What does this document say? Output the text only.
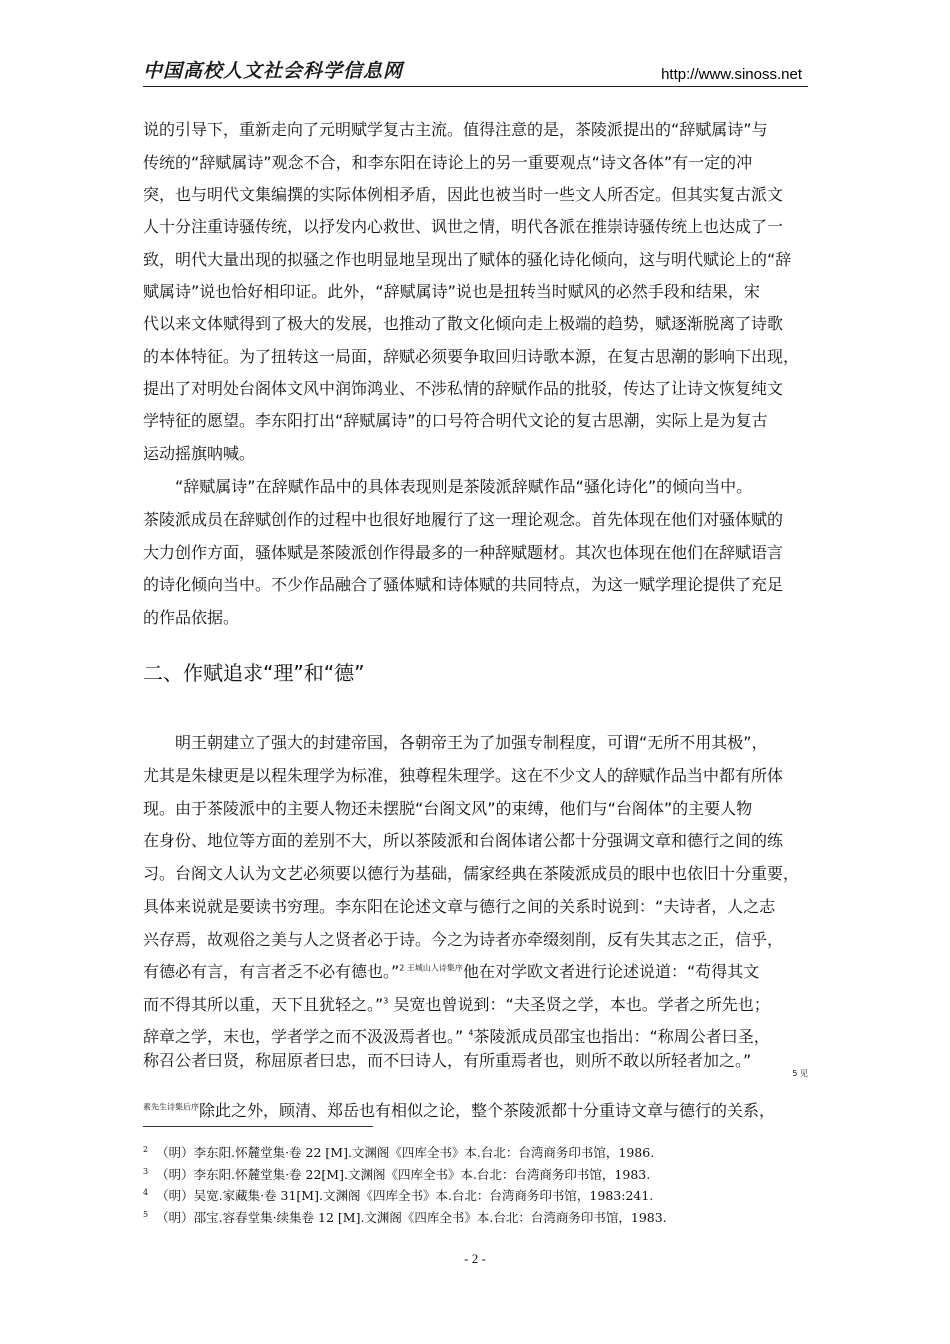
中国高校人文社会科学信息网	http://www.sinoss.net
说的引导下，重新走向了元明赋学复古主流。值得注意的是，茶陵派提出的“辞赋属诗”与
传统的“辞赋属诗”观念不合，和李东阳在诗论上的另一重要观点“诗文各体”有一定的冲
突，也与明代文集编撰的实际体例相矛盾，因此也被当时一些文人所否定。但其实复古派文
人十分注重诗骚传统，以抒发内心救世、讽世之情，明代各派在推崇诗骚传统上也达成了一
致，明代大量出现的拟骚之作也明显地呈现出了赋体的骚化诗化倾向，这与明代赋论上的“辞
赋属诗”说也恰好相印证。此外，“辞赋属诗”说也是扭转当时赋风的必然手段和结果，宋
代以来文体赋得到了极大的发展，也推动了散文化倾向走上极端的趋势，赋逐渐脱离了诗歌
的本体特征。为了扭转这一局面，辞赋必须要争取回归诗歌本源，在复古思潮的影响下出现，
提出了对明处台阁体文风中润饰鸿业、不涉私情的辞赋作品的批驳，传达了让诗文恢复纯文
学特征的愿望。李东阳打出“辞赋属诗”的口号符合明代文论的复古思潮，实际上是为复古
运动摇旗呐喊。
“辞赋属诗”在辞赋作品中的具体表现则是茶陵派辞赋作品“骚化诗化”的倾向当中。
茶陵派成员在辞赋创作的过程中也很好地履行了这一理论观念。首先体现在他们对骚体赋的
大力创作方面，骚体赋是茶陵派创作得最多的一种辞赋题材。其次也体现在他们在辞赋语言
的诗化倾向当中。不少作品融合了骚体赋和诗体赋的共同特点，为这一赋学理论提供了充足
的作品依据。
二、作赋追求“理”和“德”
明王朝建立了强大的封建帝国，各朝帝王为了加强专制程度，可谓“无所不用其极”，
尤其是朱棣更是以程朱理学为标准，独尊程朱理学。这在不少文人的辞赋作品当中都有所体
现。由于茶陵派中的主要人物还未摆脱“台阁文风”的束缚，他们与“台阁体”的主要人物
在身份、地位等方面的差别不大，所以茶陵派和台阁体诸公都十分强调文章和德行之间的练
习。台阁文人认为文艺必须要以德行为基础，儒家经典在茶陵派成员的眼中也依旧十分重要，
具体来说就是要读书穷理。李东阳在论述文章与德行之间的关系时说到：“夫诗者，人之志
兴存焉，故观俗之美与人之贤者必于诗。今之为诗者亦牵缀刻削，反有失其志之正，信乎，
有德必有言，有言者乏不必有德也。”$^{2 王城山人诗集序}$他在对学欧文者进行论述说道：“苟得其文
而不得其所以重，天下且犹轻之。”$^3$ 吴宽也曾说到：“夫圣贤之学，本也。学者之所先也；
辞章之学，末也，学者学之而不汲汲焉者也。” $^4$茶陵派成员邵宝也指出：“称周公者曰圣，
称召公者曰贤，称屈原者曰忠，而不曰诗人，有所重焉者也，则所不敢以所轻者加之。”
5 见
$^{素先生诗集后序}$除此之外，顾清、郑岳也有相似之论，整个茶陵派都十分重诗文章与德行的关系，
$^2$ （明）李东阳.怀麓堂集·卷 22 [M].文渊阁《四库全书》本.台北：台湾商务印书馆，1986.
$^3$ （明）李东阳.怀麓堂集·卷 22[M].文渊阁《四库全书》本.台北：台湾商务印书馆，1983.
$^4$ （明）吴宽.家藏集·卷 31[M].文渊阁《四库全书》本.台北：台湾商务印书馆，1983:241.
$^5$ （明）邵宝.容春堂集·续集卷 12 [M].文渊阁《四库全书》本.台北：台湾商务印书馆，1983.
- 2 -
